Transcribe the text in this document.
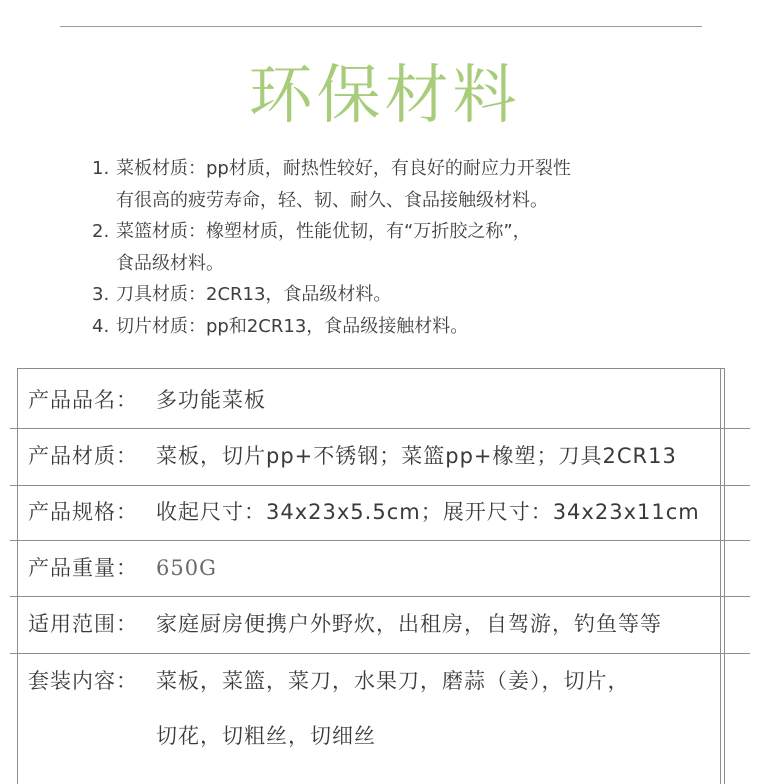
环保材料
1. 菜板材质：pp材质，耐热性较好，有良好的耐应力开裂性
有很高的疲劳寿命，轻、韧、耐久、食品接触级材料。
2. 菜篮材质：橡塑材质，性能优韧，有“万折胶之称”，
食品级材料。
3. 刀具材质：2CR13，食品级材料。
4. 切片材质：pp和2CR13，食品级接触材料。
产品品名： 多功能菜板
产品材质： 菜板，切片pp+不锈钢；菜篮pp+橡塑；刀具2CR13
产品规格： 收起尺寸：34x23x5.5cm；展开尺寸：34x23x11cm
产品重量： 650G
适用范围： 家庭厨房便携户外野炊，出租房，自驾游，钓鱼等等
套装内容： 菜板，菜篮，菜刀，水果刀，磨蒜（姜），切片，
切花，切粗丝，切细丝
